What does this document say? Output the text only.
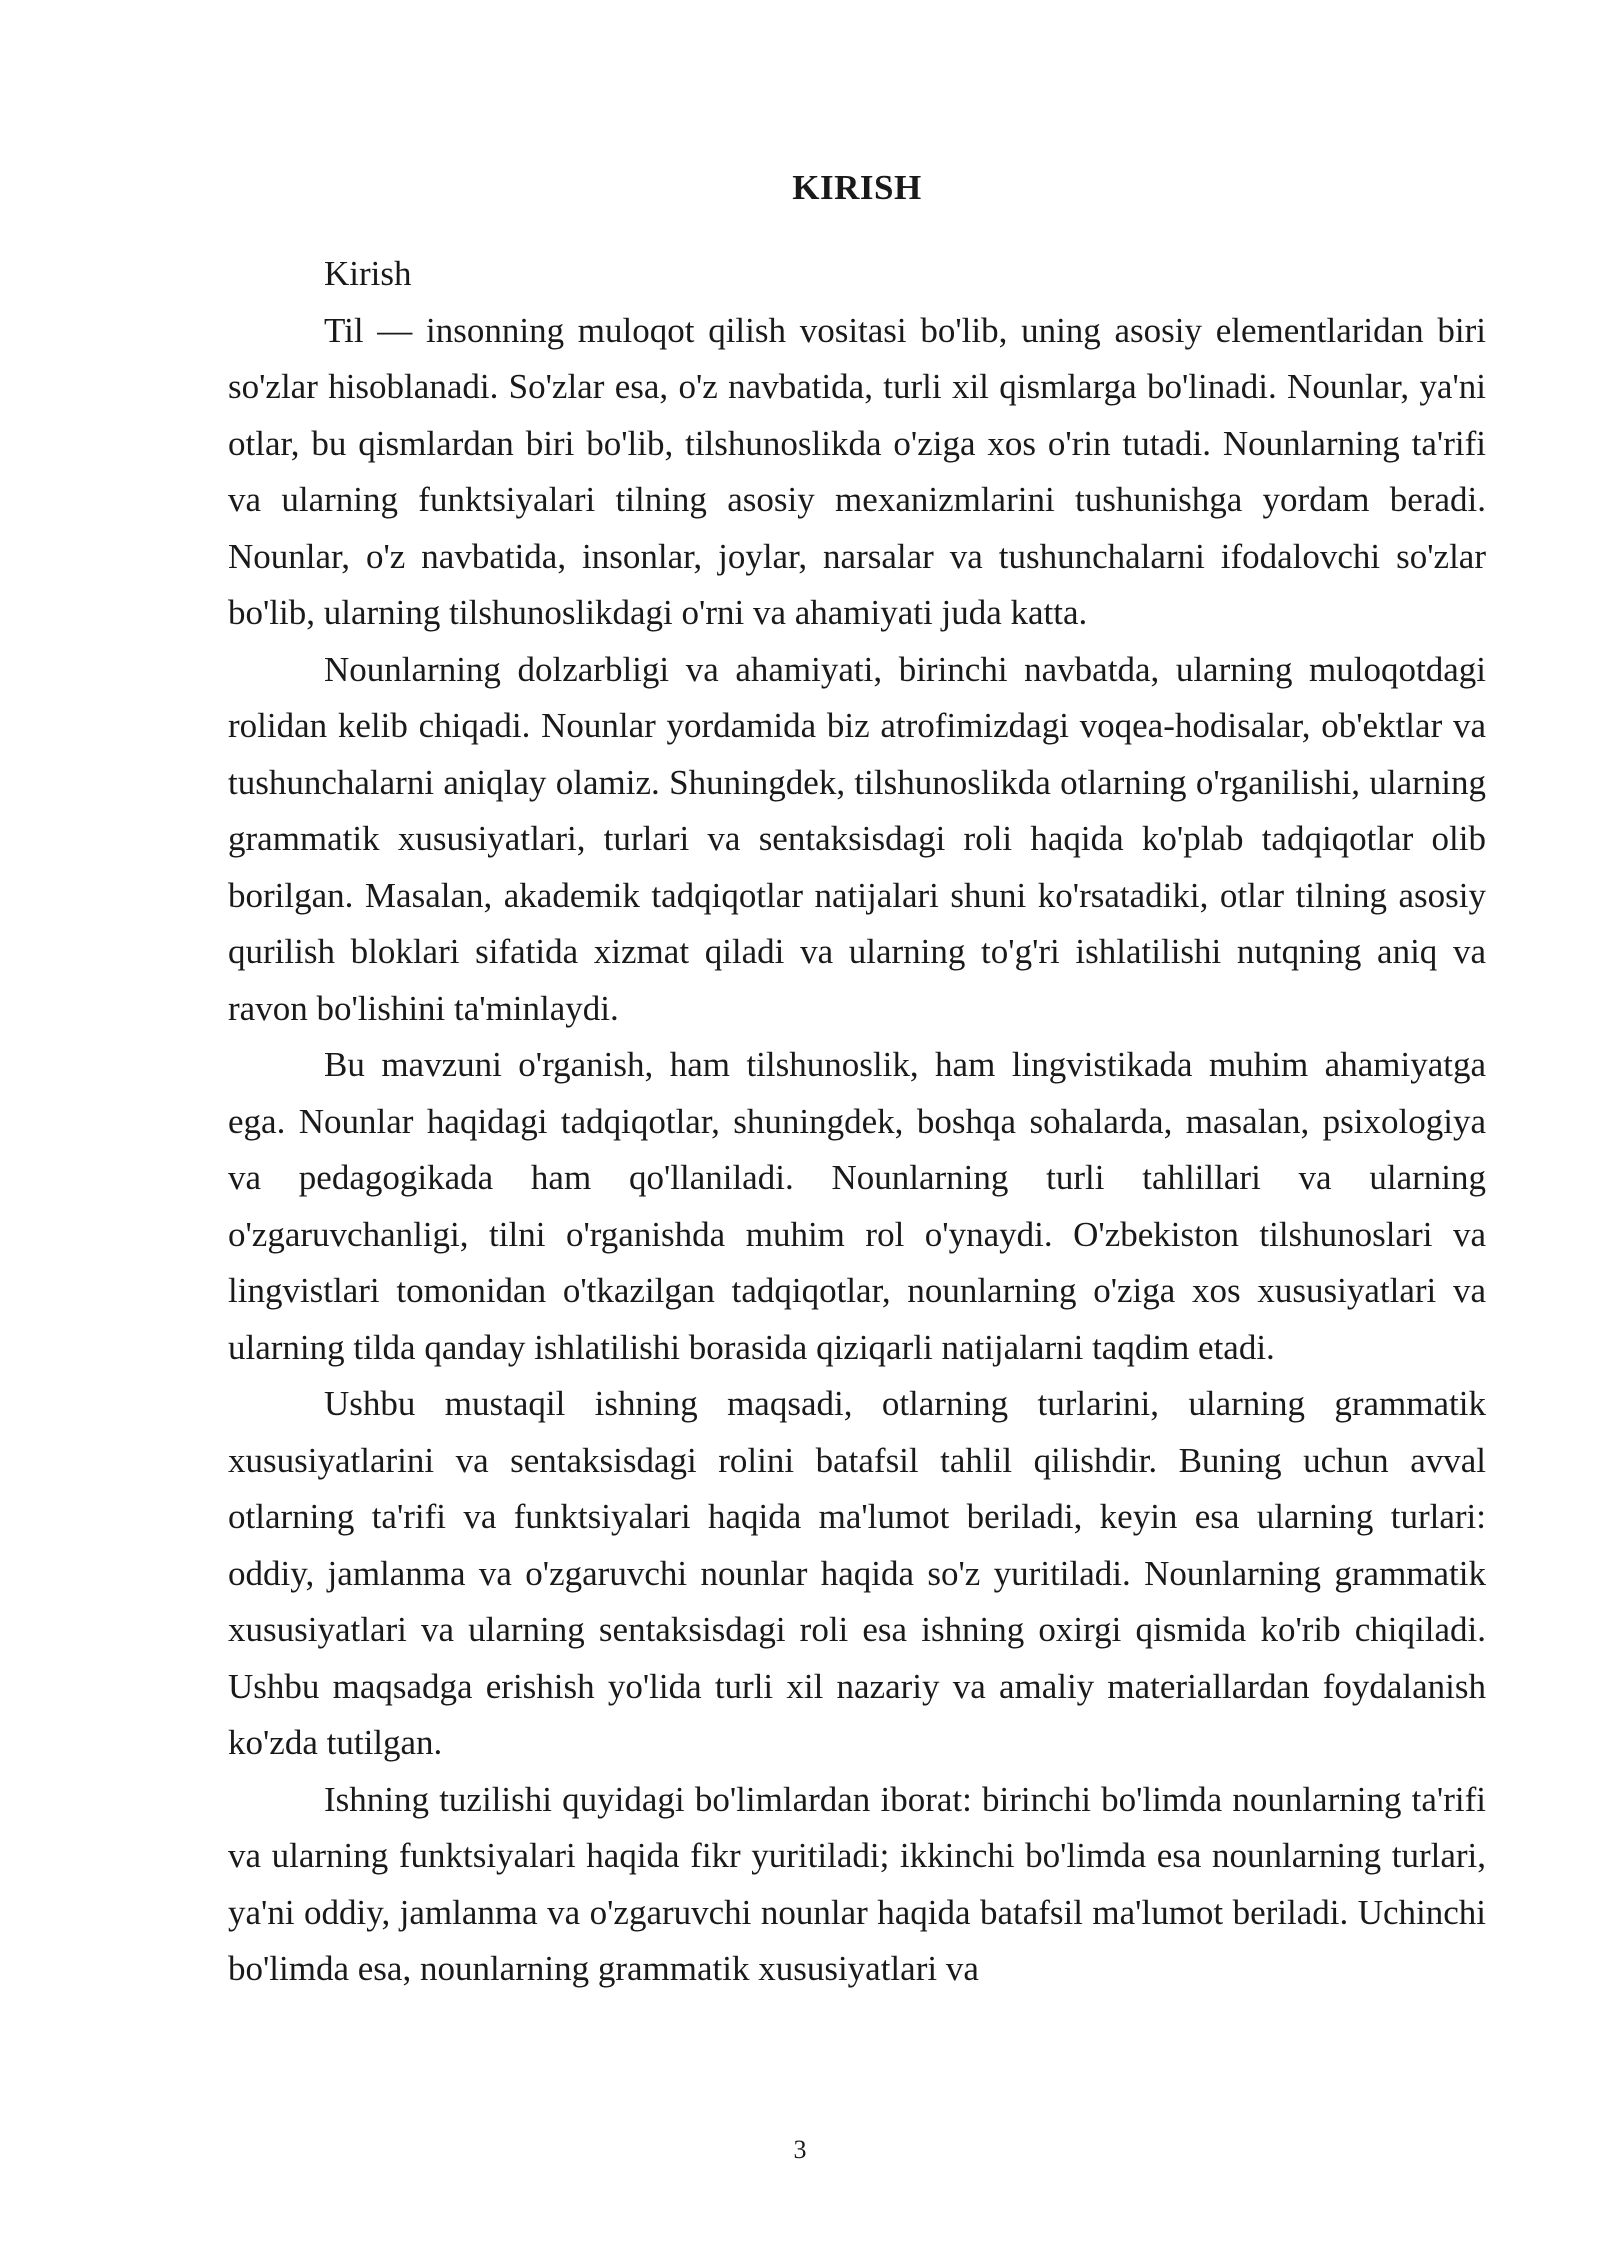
KIRISH

Kirish

Til — insonning muloqot qilish vositasi bo'lib, uning asosiy elementlaridan biri so'zlar hisoblanadi. So'zlar esa, o'z navbatida, turli xil qismlarga bo'linadi. Nounlar, ya'ni otlar, bu qismlardan biri bo'lib, tilshunoslikda o'ziga xos o'rin tutadi. Nounlarning ta'rifi va ularning funktsiyalari tilning asosiy mexanizmlarini tushunishga yordam beradi. Nounlar, o'z navbatida, insonlar, joylar, narsalar va tushunchalarni ifodalovchi so'zlar bo'lib, ularning tilshunoslikdagi o'rni va ahamiyati juda katta.

Nounlarning dolzarbligi va ahamiyati, birinchi navbatda, ularning muloqotdagi rolidan kelib chiqadi. Nounlar yordamida biz atrofimizdagi voqea-hodisalar, ob'ektlar va tushunchalarni aniqlay olamiz. Shuningdek, tilshunoslikda otlarning o'rganilishi, ularning grammatik xususiyatlari, turlari va sentaksisdagi roli haqida ko'plab tadqiqotlar olib borilgan. Masalan, akademik tadqiqotlar natijalari shuni ko'rsatadiki, otlar tilning asosiy qurilish bloklari sifatida xizmat qiladi va ularning to'g'ri ishlatilishi nutqning aniq va ravon bo'lishini ta'minlaydi.

Bu mavzuni o'rganish, ham tilshunoslik, ham lingvistikada muhim ahamiyatga ega. Nounlar haqidagi tadqiqotlar, shuningdek, boshqa sohalarda, masalan, psixologiya va pedagogikada ham qo'llaniladi. Nounlarning turli tahlillari va ularning o'zgaruvchanligi, tilni o'rganishda muhim rol o'ynaydi. O'zbekiston tilshunoslari va lingvistlari tomonidan o'tkazilgan tadqiqotlar, nounlarning o'ziga xos xususiyatlari va ularning tilda qanday ishlatilishi borasida qiziqarli natijalarni taqdim etadi.

Ushbu mustaqil ishning maqsadi, otlarning turlarini, ularning grammatik xususiyatlarini va sentaksisdagi rolini batafsil tahlil qilishdir. Buning uchun avval otlarning ta'rifi va funktsiyalari haqida ma'lumot beriladi, keyin esa ularning turlari: oddiy, jamlanma va o'zgaruvchi nounlar haqida so'z yuritiladi. Nounlarning grammatik xususiyatlari va ularning sentaksisdagi roli esa ishning oxirgi qismida ko'rib chiqiladi. Ushbu maqsadga erishish yo'lida turli xil nazariy va amaliy materiallardan foydalanish ko'zda tutilgan.

Ishning tuzilishi quyidagi bo'limlardan iborat: birinchi bo'limda nounlarning ta'rifi va ularning funktsiyalari haqida fikr yuritiladi; ikkinchi bo'limda esa nounlarning turlari, ya'ni oddiy, jamlanma va o'zgaruvchi nounlar haqida batafsil ma'lumot beriladi. Uchinchi bo'limda esa, nounlarning grammatik xususiyatlari va

3
